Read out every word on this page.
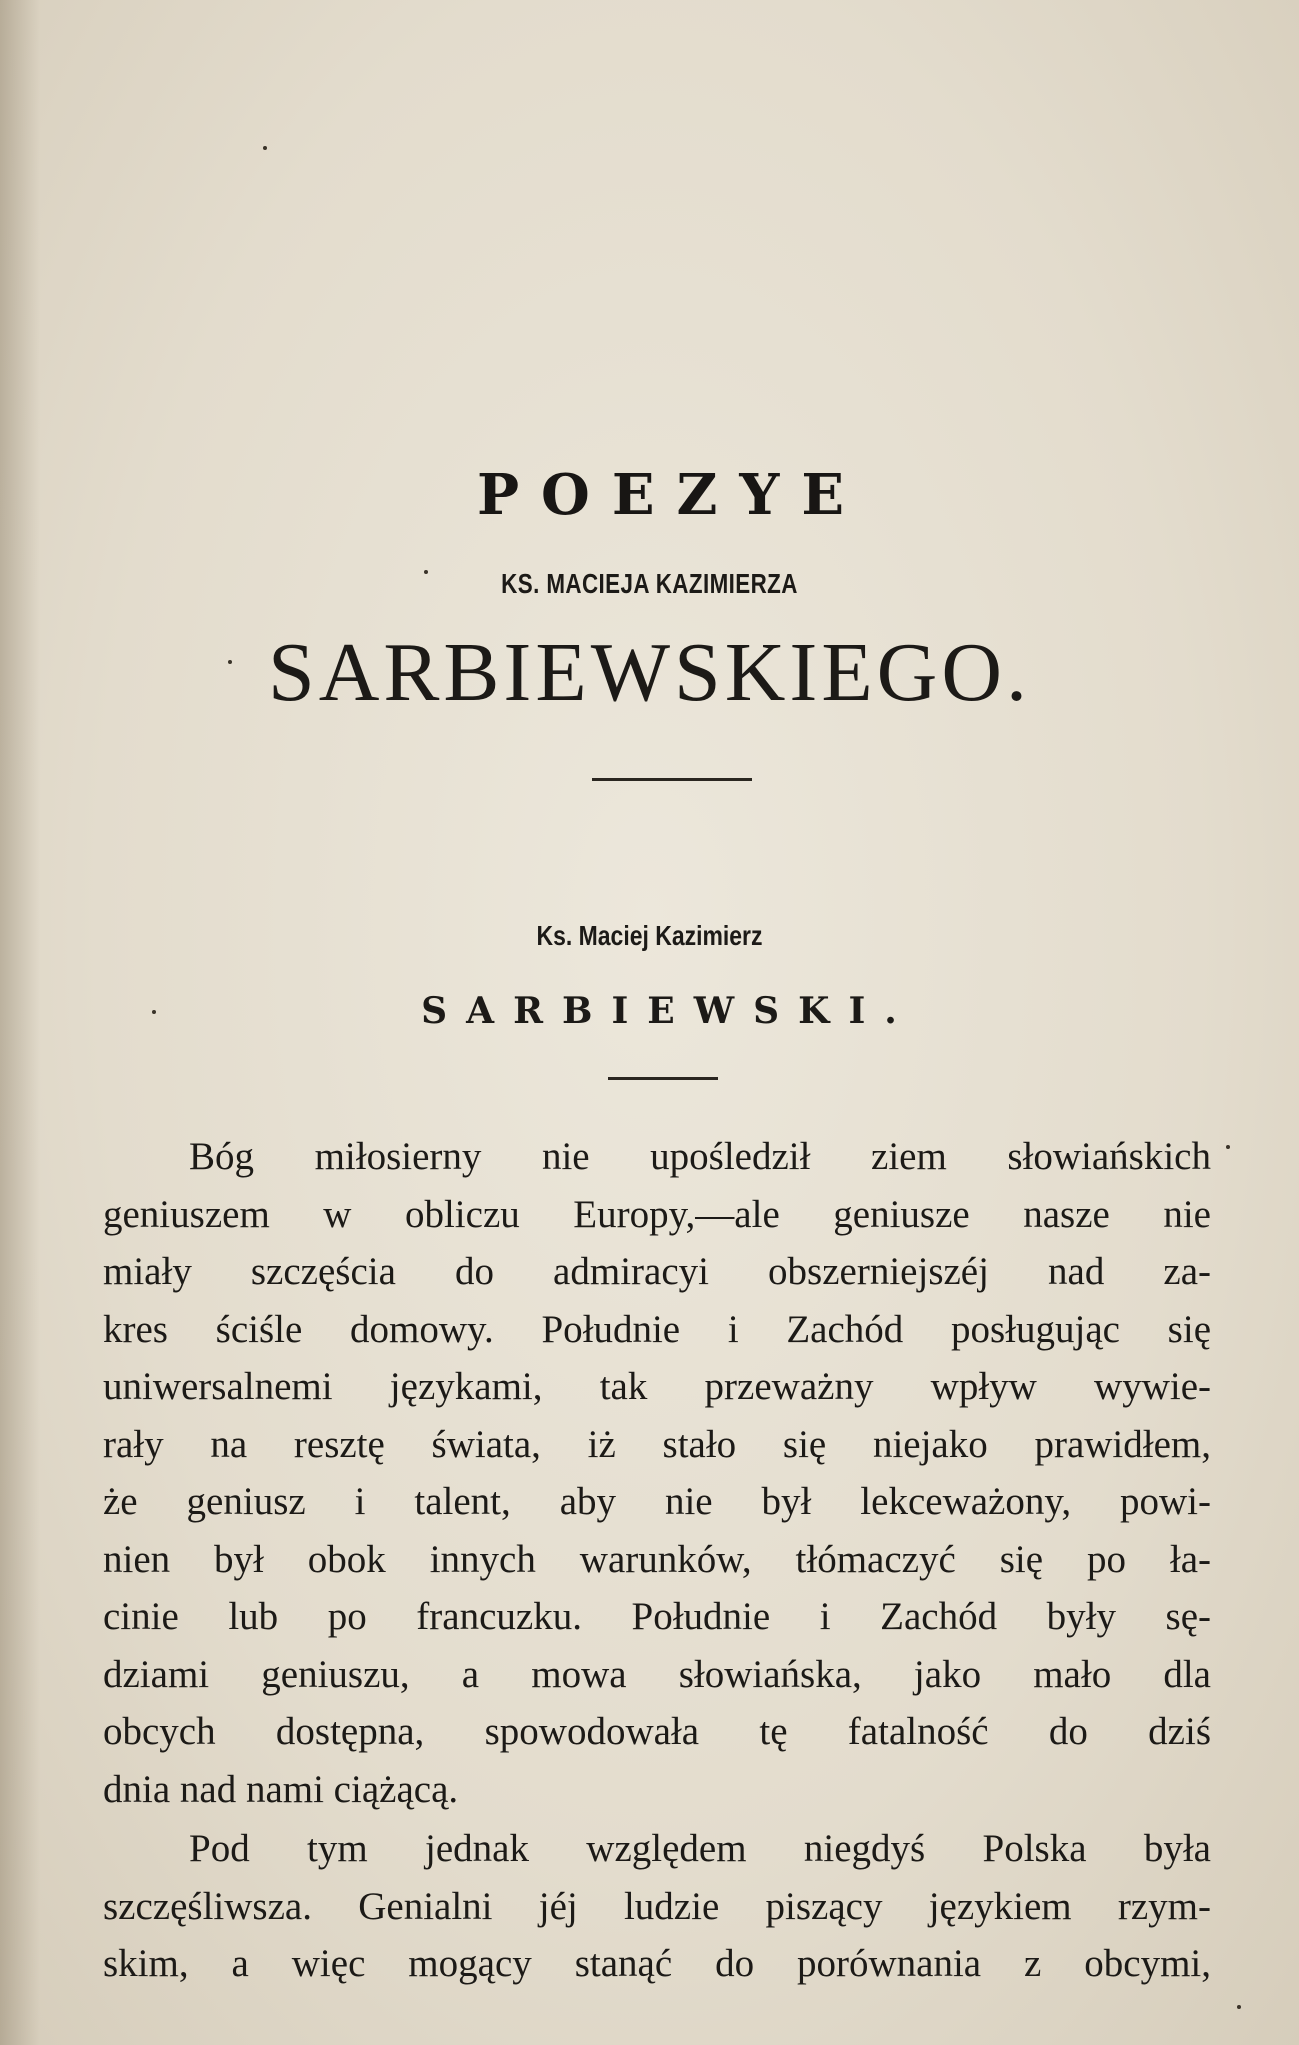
POEZYE
KS. MACIEJA KAZIMIERZA
SARBIEWSKIEGO.
Ks. Maciej Kazimierz
SARBIEWSKI.
Bóg miłosierny nie upośledził ziem słowiańskich
geniuszem w obliczu Europy,—ale geniusze nasze nie
miały szczęścia do admiracyi obszerniejszéj nad za-
kres ściśle domowy. Południe i Zachód posługując się
uniwersalnemi językami, tak przeważny wpływ wywie-
rały na resztę świata, iż stało się niejako prawidłem,
że geniusz i talent, aby nie był lekceważony, powi-
nien był obok innych warunków, tłómaczyć się po ła-
cinie lub po francuzku. Południe i Zachód były sę-
dziami geniuszu, a mowa słowiańska, jako mało dla
obcych dostępna, spowodowała tę fatalność do dziś
dnia nad nami ciążącą.
Pod tym jednak względem niegdyś Polska była
szczęśliwsza. Genialni jéj ludzie piszący językiem rzym-
skim, a więc mogący stanąć do porównania z obcymi,
